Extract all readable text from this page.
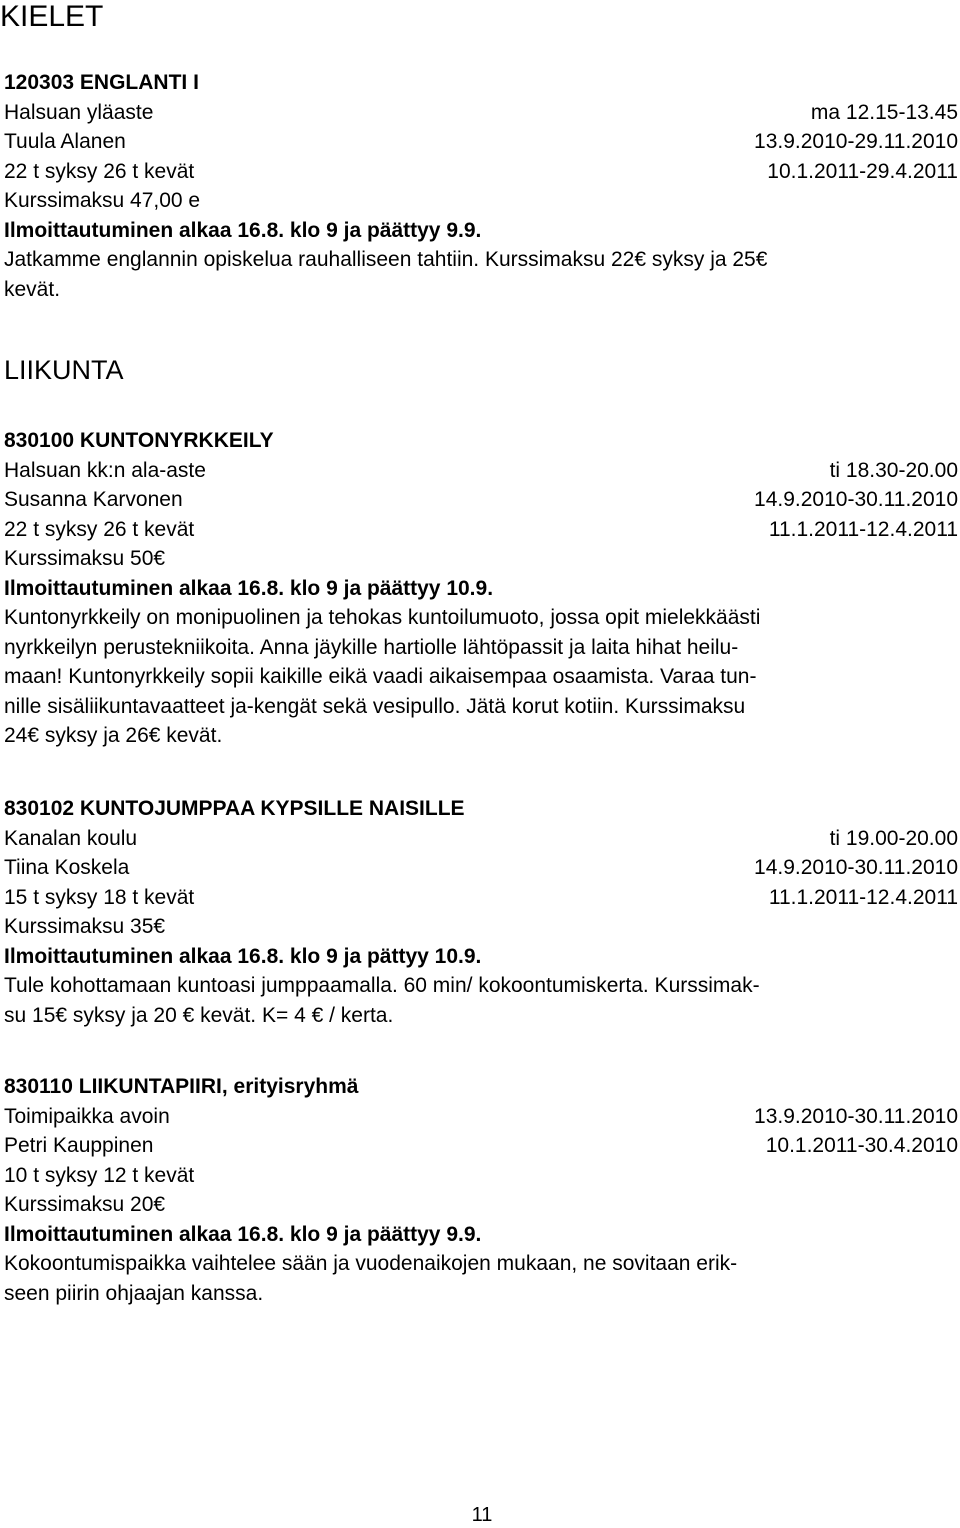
KIELET
120303 ENGLANTI I
Halsuan yläaste	ma 12.15-13.45
Tuula Alanen	13.9.2010-29.11.2010
22 t syksy 26 t kevät	10.1.2011-29.4.2011
Kurssimaksu 47,00 e
Ilmoittautuminen alkaa 16.8. klo 9 ja päättyy 9.9.
Jatkamme englannin opiskelua rauhalliseen tahtiin. Kurssimaksu 22€ syksy ja 25€
kevät.
LIIKUNTA
830100 KUNTONYRKKEILY
Halsuan kk:n ala-aste	ti 18.30-20.00
Susanna Karvonen	14.9.2010-30.11.2010
22 t syksy 26 t kevät	11.1.2011-12.4.2011
Kurssimaksu 50€
Ilmoittautuminen alkaa 16.8. klo 9 ja päättyy 10.9.
Kuntonyrkkeily on monipuolinen ja tehokas kuntoilumuoto, jossa opit mielekkäästi
nyrkkeilyn perustekniikoita. Anna jäykille hartiolle lähtöpassit ja laita hihat heilu-
maan! Kuntonyrkkeily sopii kaikille eikä vaadi aikaisempaa osaamista. Varaa tun-
nille sisäliikuntavaatteet ja-kengät sekä vesipullo. Jätä korut kotiin. Kurssimaksu
24€ syksy ja 26€ kevät.
830102 KUNTOJUMPPAA KYPSILLE NAISILLE
Kanalan koulu	ti 19.00-20.00
Tiina Koskela	14.9.2010-30.11.2010
15 t syksy 18 t kevät	11.1.2011-12.4.2011
Kurssimaksu 35€
Ilmoittautuminen alkaa 16.8. klo 9 ja pättyy 10.9.
Tule kohottamaan kuntoasi jumppaamalla. 60 min/ kokoontumiskerta. Kurssimak-
su 15€ syksy ja 20 € kevät. K= 4 € / kerta.
830110 LIIKUNTAPIIRI, erityisryhmä
Toimipaikka avoin	13.9.2010-30.11.2010
Petri Kauppinen	10.1.2011-30.4.2010
10 t syksy 12 t kevät
Kurssimaksu 20€
Ilmoittautuminen alkaa 16.8. klo 9 ja päättyy 9.9.
Kokoontumispaikka vaihtelee sään ja vuodenaikojen mukaan, ne sovitaan erik-
seen piirin ohjaajan kanssa.
11
